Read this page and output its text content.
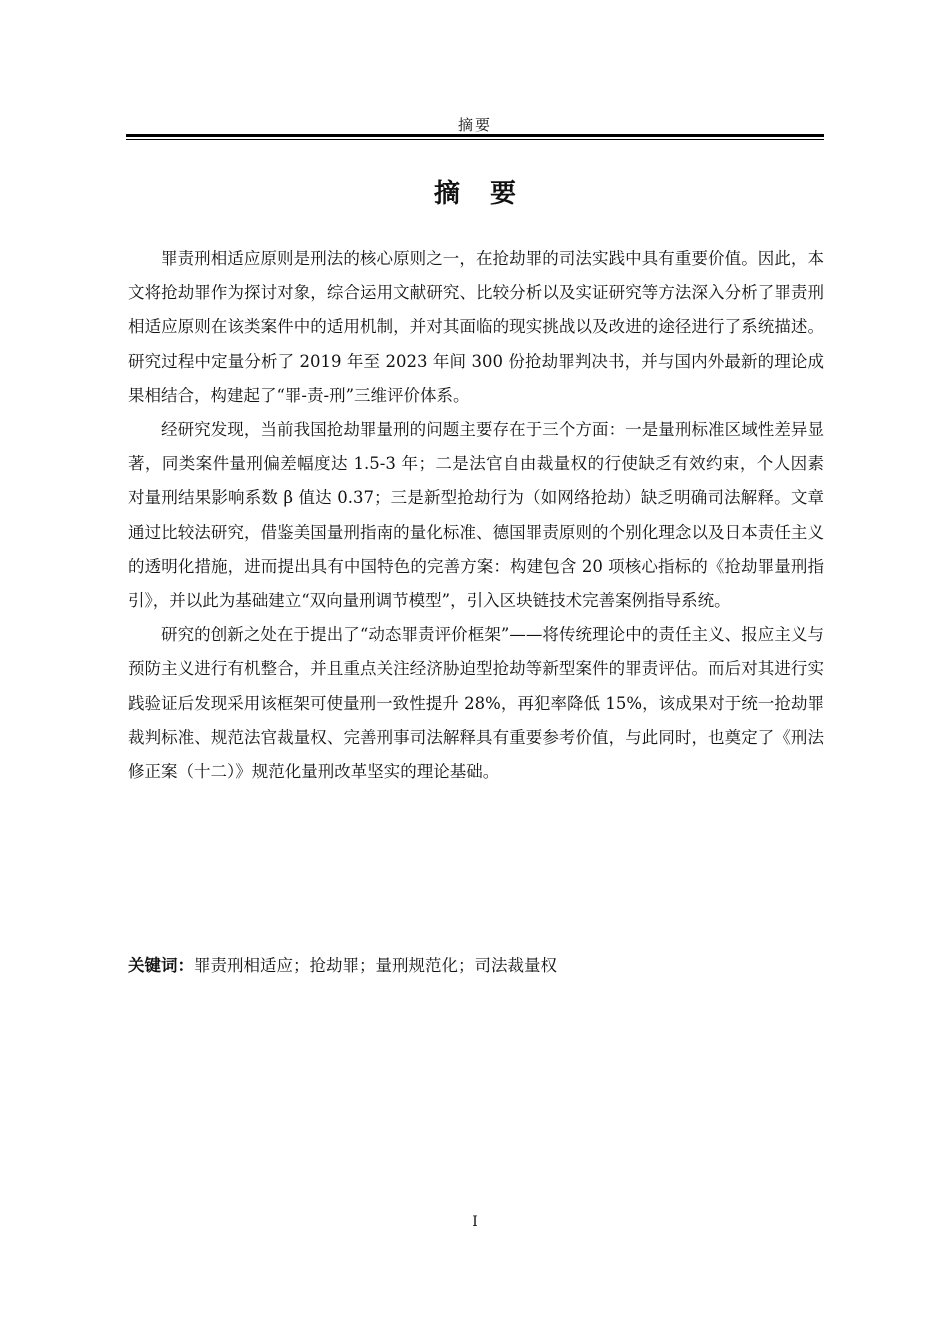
摘要
摘要

罪责刑相适应原则是刑法的核心原则之一，在抢劫罪的司法实践中具有重要价值。因此，本文将抢劫罪作为探讨对象，综合运用文献研究、比较分析以及实证研究等方法深入分析了罪责刑相适应原则在该类案件中的适用机制，并对其面临的现实挑战以及改进的途径进行了系统描述。研究过程中定量分析了 2019 年至 2023 年间 300 份抢劫罪判决书，并与国内外最新的理论成果相结合，构建起了“罪-责-刑”三维评价体系。

经研究发现，当前我国抢劫罪量刑的问题主要存在于三个方面：一是量刑标准区域性差异显著，同类案件量刑偏差幅度达 1.5-3 年；二是法官自由裁量权的行使缺乏有效约束，个人因素对量刑结果影响系数 β 值达 0.37；三是新型抢劫行为（如网络抢劫）缺乏明确司法解释。文章通过比较法研究，借鉴美国量刑指南的量化标准、德国罪责原则的个别化理念以及日本责任主义的透明化措施，进而提出具有中国特色的完善方案：构建包含 20 项核心指标的《抢劫罪量刑指引》，并以此为基础建立“双向量刑调节模型”，引入区块链技术完善案例指导系统。

研究的创新之处在于提出了“动态罪责评价框架”——将传统理论中的责任主义、报应主义与预防主义进行有机整合，并且重点关注经济胁迫型抢劫等新型案件的罪责评估。而后对其进行实践验证后发现采用该框架可使量刑一致性提升 28%，再犯率降低 15%，该成果对于统一抢劫罪裁判标准、规范法官裁量权、完善刑事司法解释具有重要参考价值，与此同时，也奠定了《刑法修正案（十二）》规范化量刑改革坚实的理论基础。

关键词：罪责刑相适应；抢劫罪；量刑规范化；司法裁量权
I
